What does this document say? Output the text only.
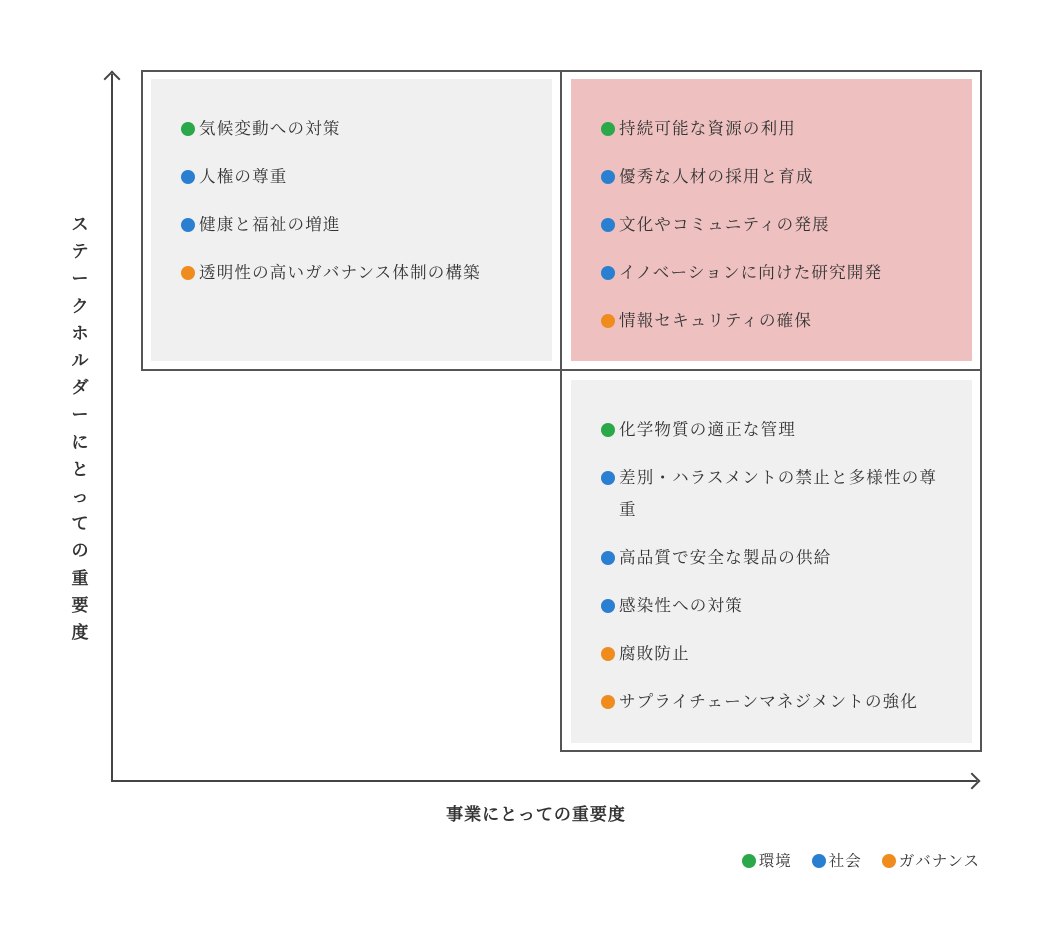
気候変動への対策
人権の尊重
健康と福祉の増進
透明性の高いガバナンス体制の構築
持続可能な資源の利用
優秀な人材の採用と育成
文化やコミュニティの発展
イノベーションに向けた研究開発
情報セキュリティの確保
化学物質の適正な管理
差別・ハラスメントの禁止と多様性の尊重
高品質で安全な製品の供給
感染性への対策
腐敗防止
サプライチェーンマネジメントの強化
ス
テ
ー
ク
ホ
ル
ダ
ー
に
と
っ
て
の
重
要
度
事業にとっての重要度
環境	社会	ガバナンス
